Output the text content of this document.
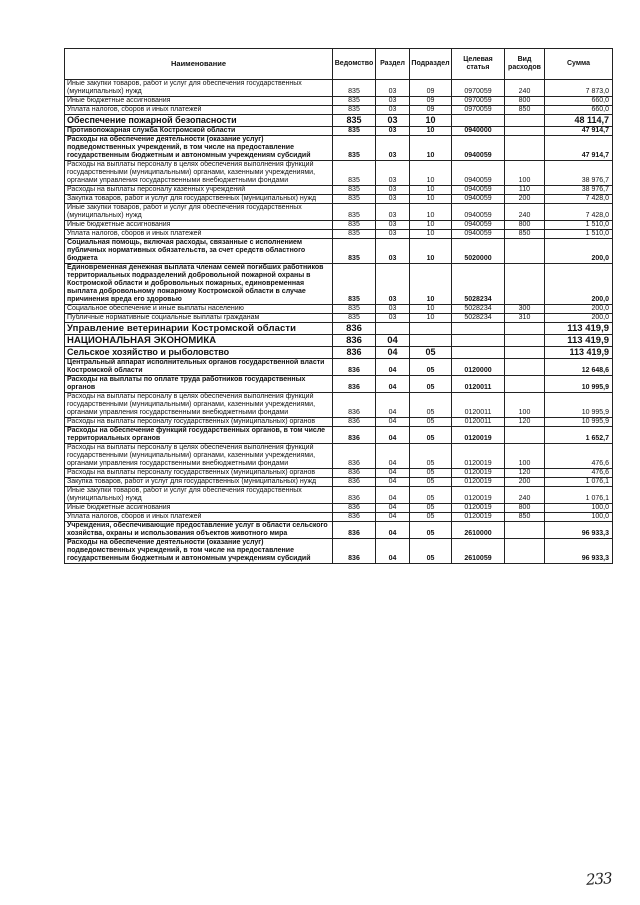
Наименование	Ведомство	Раздел	Подраздел	Целевая статья	Вид расходов	Сумма
Иные закупки товаров, работ и услуг для обеспечения государственных (муниципальных) нужд	835	03	09	0970059	240	7 873,0
Иные бюджетные ассигнования	835	03	09	0970059	800	660,0
Уплата налогов, сборов и иных платежей	835	03	09	0970059	850	660,0
Обеспечение пожарной безопасности	835	03	10			48 114,7
Противопожарная служба Костромской области	835	03	10	0940000		47 914,7
Расходы на обеспечение деятельности (оказание услуг) подведомственных учреждений, в том числе на предоставление государственным бюджетным и автономным учреждениям субсидий	835	03	10	0940059		47 914,7
Расходы на выплаты персоналу в целях обеспечения выполнения функций государственными (муниципальными) органами, казенными учреждениями, органами управления государственными внебюджетными фондами	835	03	10	0940059	100	38 976,7
Расходы на выплаты персоналу казенных учреждений	835	03	10	0940059	110	38 976,7
Закупка товаров, работ и услуг для государственных (муниципальных) нужд	835	03	10	0940059	200	7 428,0
Иные закупки товаров, работ и услуг для обеспечения государственных (муниципальных) нужд	835	03	10	0940059	240	7 428,0
Иные бюджетные ассигнования	835	03	10	0940059	800	1 510,0
Уплата налогов, сборов и иных платежей	835	03	10	0940059	850	1 510,0
Социальная помощь, включая расходы, связанные с исполнением публичных нормативных обязательств, за счет средств областного бюджета	835	03	10	5020000		200,0
Единовременная денежная выплата членам семей погибших работников территориальных подразделений добровольной пожарной охраны в Костромской области и добровольных пожарных, единовременная выплата добровольному пожарному Костромской области в случае причинения вреда его здоровью	835	03	10	5028234		200,0
Социальное обеспечение и иные выплаты населению	835	03	10	5028234	300	200,0
Публичные нормативные социальные выплаты гражданам	835	03	10	5028234	310	200,0
Управление ветеринарии Костромской области	836					113 419,9
НАЦИОНАЛЬНАЯ ЭКОНОМИКА	836	04				113 419,9
Сельское хозяйство и рыболовство	836	04	05			113 419,9
Центральный аппарат исполнительных органов государственной власти Костромской области	836	04	05	0120000		12 648,6
Расходы на выплаты по оплате труда работников государственных органов	836	04	05	0120011		10 995,9
Расходы на выплаты персоналу в целях обеспечения выполнения функций государственными (муниципальными) органами, казенными учреждениями, органами управления государственными внебюджетными фондами	836	04	05	0120011	100	10 995,9
Расходы на выплаты персоналу государственных (муниципальных) органов	836	04	05	0120011	120	10 995,9
Расходы на обеспечение функций государственных органов, в том числе территориальных органов	836	04	05	0120019		1 652,7
Расходы на выплаты персоналу в целях обеспечения выполнения функций государственными (муниципальными) органами, казенными учреждениями, органами управления государственными внебюджетными фондами	836	04	05	0120019	100	476,6
Расходы на выплаты персоналу государственных (муниципальных) органов	836	04	05	0120019	120	476,6
Закупка товаров, работ и услуг для государственных (муниципальных) нужд	836	04	05	0120019	200	1 076,1
Иные закупки товаров, работ и услуг для обеспечения государственных (муниципальных) нужд	836	04	05	0120019	240	1 076,1
Иные бюджетные ассигнования	836	04	05	0120019	800	100,0
Уплата налогов, сборов и иных платежей	836	04	05	0120019	850	100,0
Учреждения, обеспечивающие предоставление услуг в области сельского хозяйства, охраны и использования объектов животного мира	836	04	05	2610000		96 933,3
Расходы на обеспечение деятельности (оказание услуг) подведомственных учреждений, в том числе на предоставление государственным бюджетным и автономным учреждениям субсидий	836	04	05	2610059		96 933,3
233
